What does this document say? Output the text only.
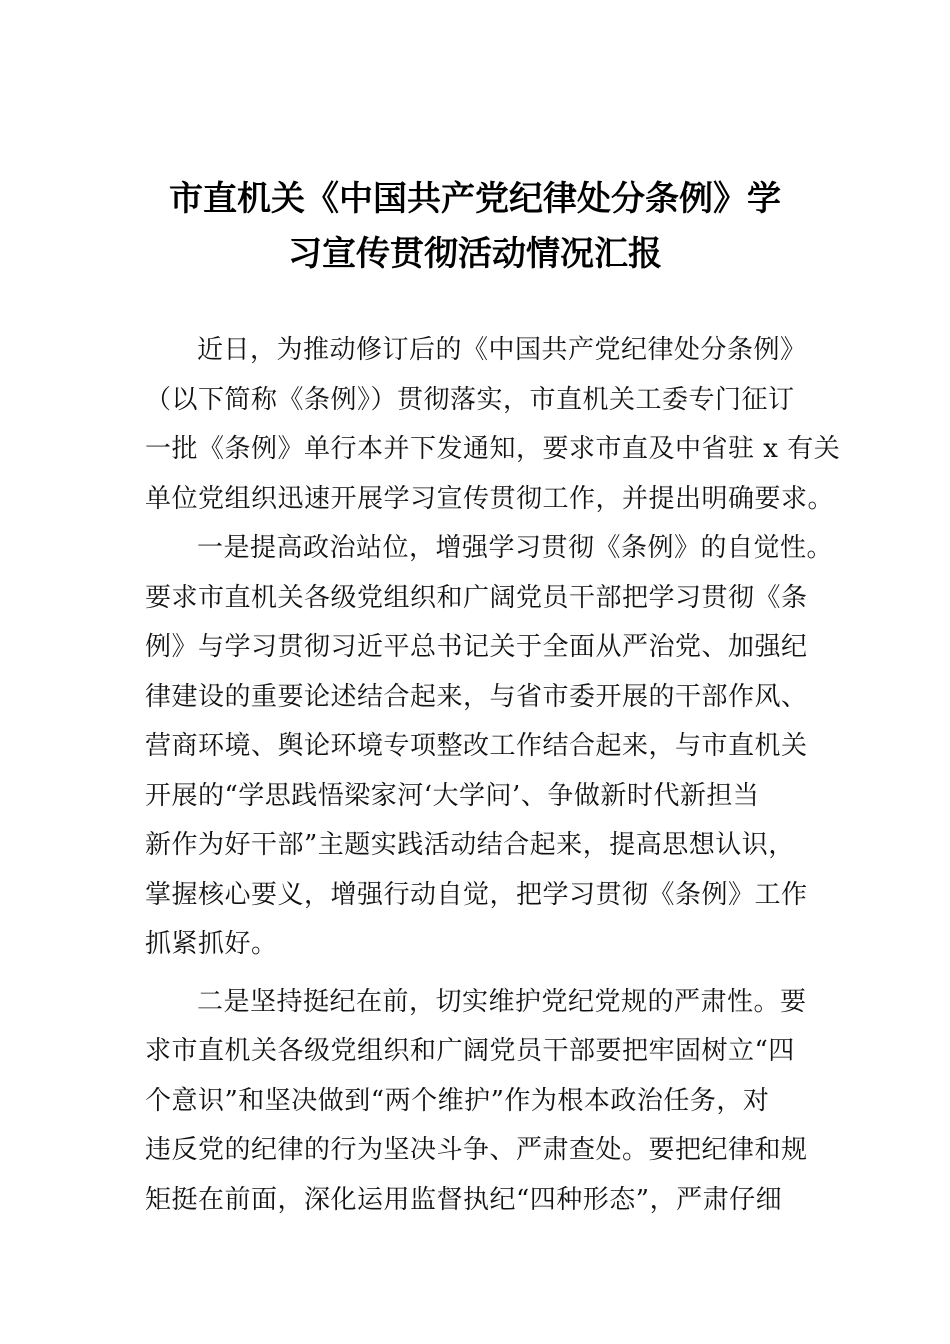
市直机关《中国共产党纪律处分条例》学
习宣传贯彻活动情况汇报
近日，为推动修订后的《中国共产党纪律处分条例》
（以下简称《条例》）贯彻落实，市直机关工委专门征订
一批《条例》单行本并下发通知，要求市直及中省驻 x 有关
单位党组织迅速开展学习宣传贯彻工作，并提出明确要求。
一是提高政治站位，增强学习贯彻《条例》的自觉性。
要求市直机关各级党组织和广阔党员干部把学习贯彻《条
例》与学习贯彻习近平总书记关于全面从严治党、加强纪
律建设的重要论述结合起来，与省市委开展的干部作风、
营商环境、舆论环境专项整改工作结合起来，与市直机关
开展的“学思践悟梁家河‘大学问’、争做新时代新担当
新作为好干部”主题实践活动结合起来，提高思想认识，
掌握核心要义，增强行动自觉，把学习贯彻《条例》工作
抓紧抓好。
二是坚持挺纪在前，切实维护党纪党规的严肃性。要
求市直机关各级党组织和广阔党员干部要把牢固树立“四
个意识”和坚决做到“两个维护”作为根本政治任务，对
违反党的纪律的行为坚决斗争、严肃查处。要把纪律和规
矩挺在前面，深化运用监督执纪“四种形态”，严肃仔细
